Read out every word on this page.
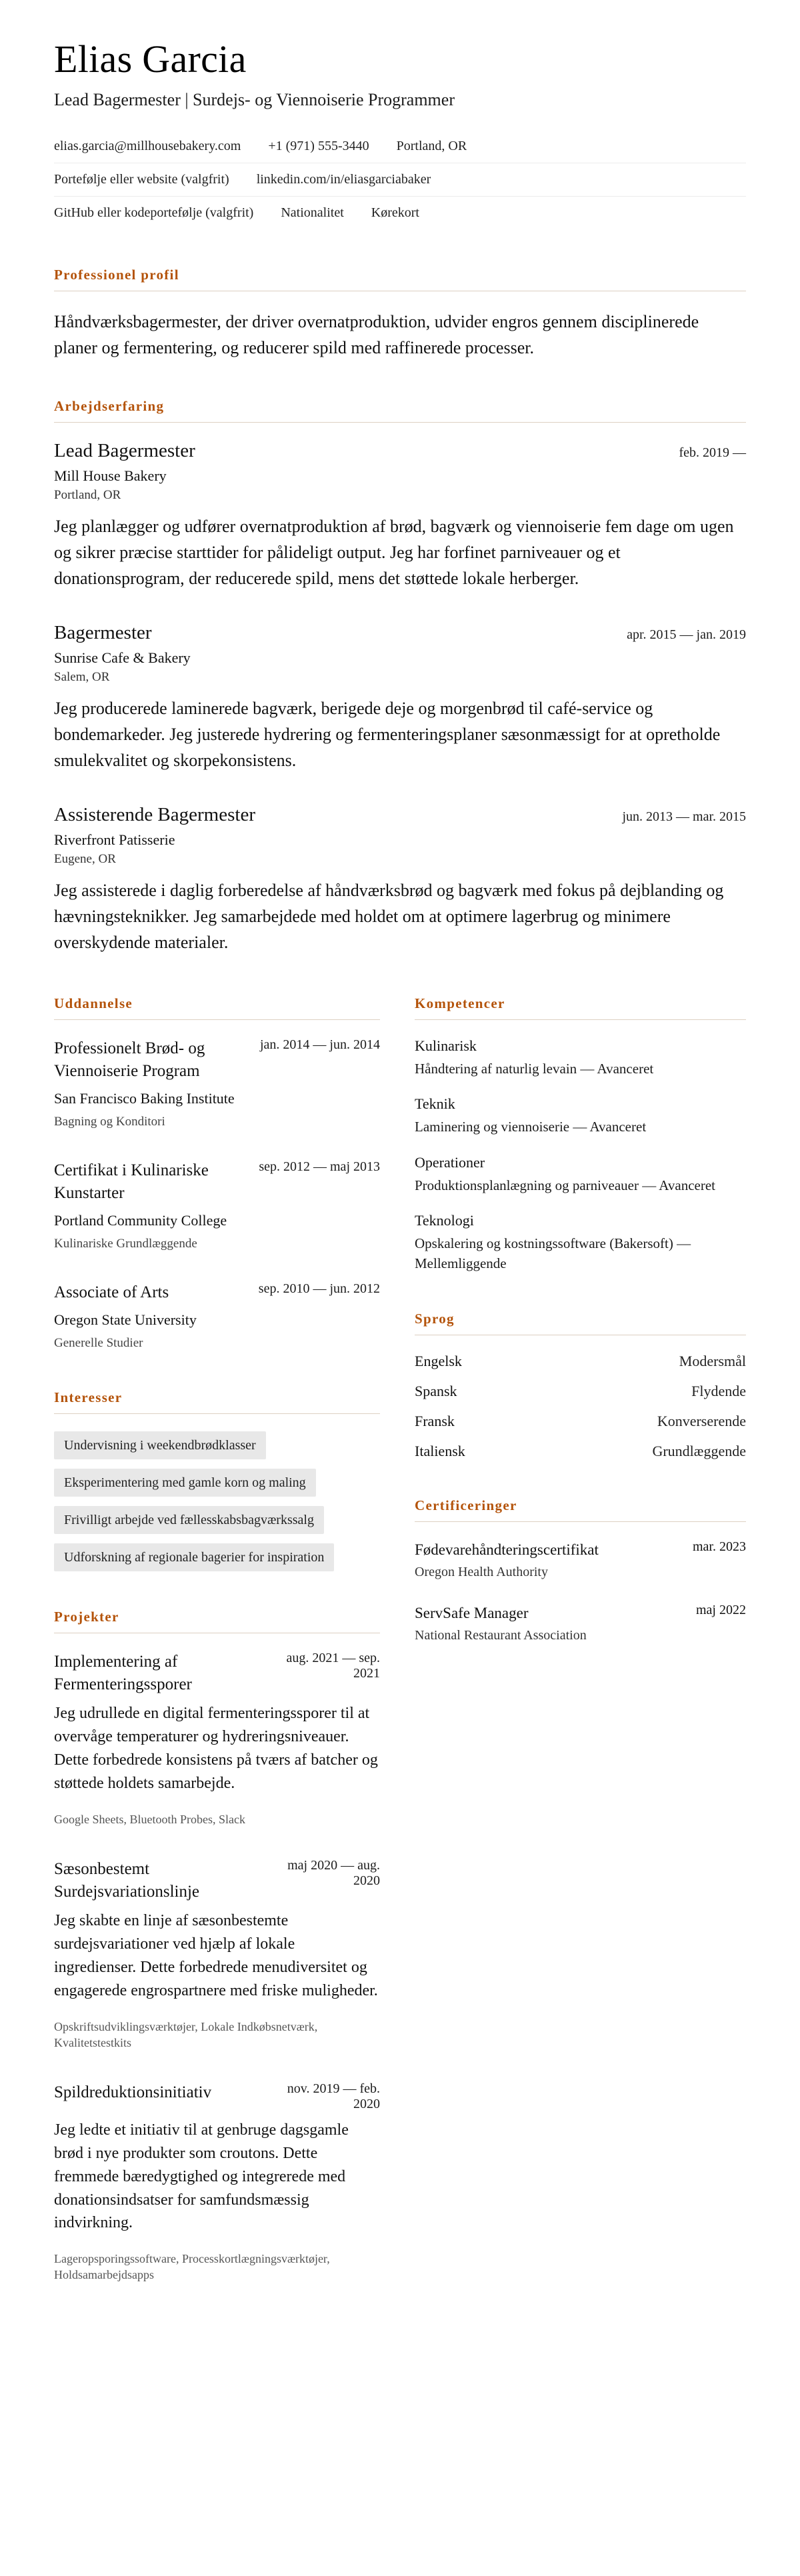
Elias Garcia
Lead Bagermester | Surdejs- og Viennoiserie Programmer
elias.garcia@millhousebakery.com +1 (971) 555-3440 Portland, OR
Portefølje eller website (valgfrit) linkedin.com/in/eliasgarciabaker
GitHub eller kodeportefølje (valgfrit) Nationalitet Kørekort
Professionel profil

Håndværksbagermester, der driver overnatproduktion, udvider engros gennem disciplinerede planer og fermentering, og reducerer spild med raffinerede processer.

Arbejdserfaring
Lead Bagermester	feb. 2019 —
Mill House Bakery
Portland, OR

Jeg planlægger og udfører overnatproduktion af brød, bagværk og viennoiserie fem dage om ugen og sikrer præcise starttider for pålideligt output. Jeg har forfinet parniveauer og et donationsprogram, der reducerede spild, mens det støttede lokale herberger.

Bagermester	apr. 2015 — jan. 2019
Sunrise Cafe & Bakery
Salem, OR

Jeg producerede laminerede bagværk, berigede deje og morgenbrød til café-service og bondemarkeder. Jeg justerede hydrering og fermenteringsplaner sæsonmæssigt for at opretholde smulekvalitet og skorpekonsistens.

Assisterende Bagermester	jun. 2013 — mar. 2015
Riverfront Patisserie
Eugene, OR

Jeg assisterede i daglig forberedelse af håndværksbrød og bagværk med fokus på dejblanding og hævningsteknikker. Jeg samarbejdede med holdet om at optimere lagerbrug og minimere overskydende materialer.

Uddannelse
Professionelt Brød- og Viennoiserie Program
San Francisco Baking Institute
Bagning og Konditori
jan. 2014 — jun. 2014
Certifikat i Kulinariske Kunstarter
Portland Community College
Kulinariske Grundlæggende
sep. 2012 — maj 2013
Associate of Arts
Oregon State University
Generelle Studier
sep. 2010 — jun. 2012
Interesser
Undervisning i weekendbrødklasser
Eksperimentering med gamle korn og maling
Frivilligt arbejde ved fællesskabsbagværkssalg
Udforskning af regionale bagerier for inspiration
Projekter
Implementering af Fermenteringssporer
aug. 2021 — sep. 2021

Jeg udrullede en digital fermenteringssporer til at overvåge temperaturer og hydreringsniveauer. Dette forbedrede konsistens på tværs af batcher og støttede holdets samarbejde.

Google Sheets, Bluetooth Probes, Slack
Sæsonbestemt Surdejsvariationslinje
maj 2020 — aug. 2020

Jeg skabte en linje af sæsonbestemte surdejsvariationer ved hjælp af lokale ingredienser. Dette forbedrede menudiversitet og engagerede engrospartnere med friske muligheder.

Opskriftsudviklingsværktøjer, Lokale Indkøbsnetværk, Kvalitetstestkits
Spildreduktionsinitiativ	nov. 2019 — feb. 2020

Jeg ledte et initiativ til at genbruge dagsgamle brød i nye produkter som croutons. Dette fremmede bæredygtighed og integrerede med donationsindsatser for samfundsmæssig indvirkning.

Lageropsporingssoftware, Processkortlægningsværktøjer, Holdsamarbejdsapps
Kompetencer
Kulinarisk
Håndtering af naturlig levain — Avanceret
Teknik
Laminering og viennoiserie — Avanceret
Operationer
Produktionsplanlægning og parniveauer — Avanceret
Teknologi
Opskalering og kostningssoftware (Bakersoft) — Mellemliggende
Sprog
Engelsk	Modersmål
Spansk	Flydende
Fransk	Konverserende
Italiensk	Grundlæggende
Certificeringer
Fødevarehåndteringscertifikat	mar. 2023
Oregon Health Authority
ServSafe Manager	maj 2022
National Restaurant Association
